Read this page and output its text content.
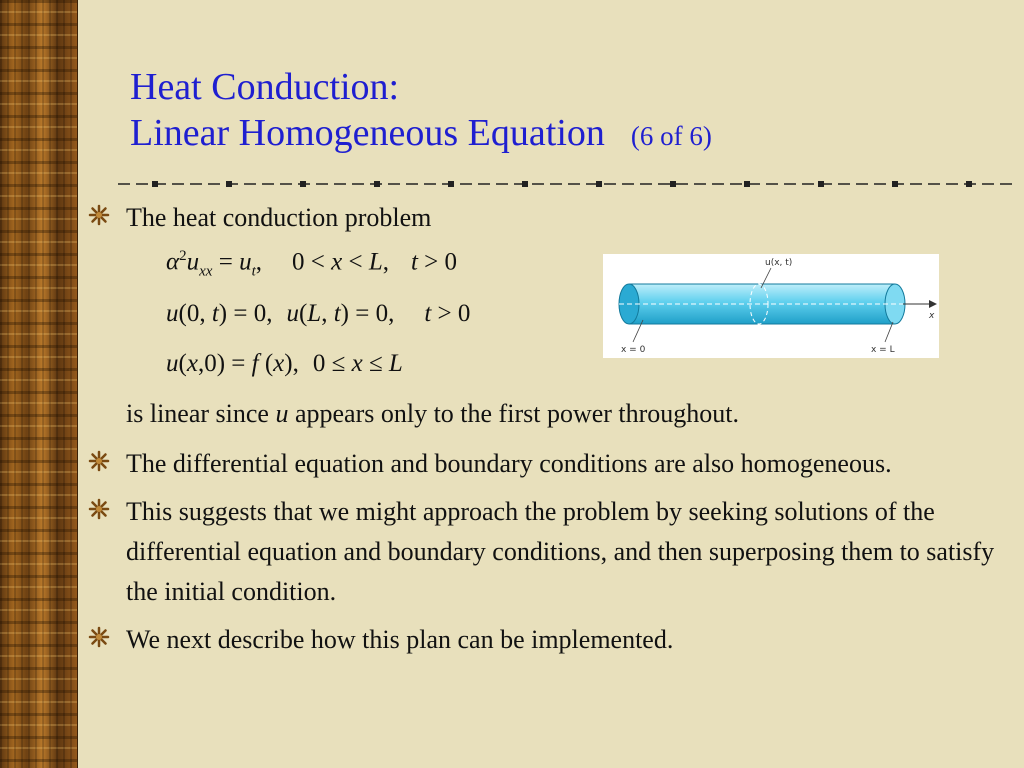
Heat Conduction:
Linear Homogeneous Equation (6 of 6)
The heat conduction problem
is linear since u appears only to the first power throughout.
The differential equation and boundary conditions are also homogeneous.
This suggests that we might approach the problem by seeking solutions of the differential equation and boundary conditions, and then superposing them to satisfy the initial condition.
We next describe how this plan can be implemented.
$\alpha^2u_{xx} = u_t$, 0 < x < L, t > 0
u(0, t) = 0, u(L, t) = 0, t > 0
u(x,0) = f (x), 0 ≤ x ≤ L
u(x, t)
x = 0	x = L
x
